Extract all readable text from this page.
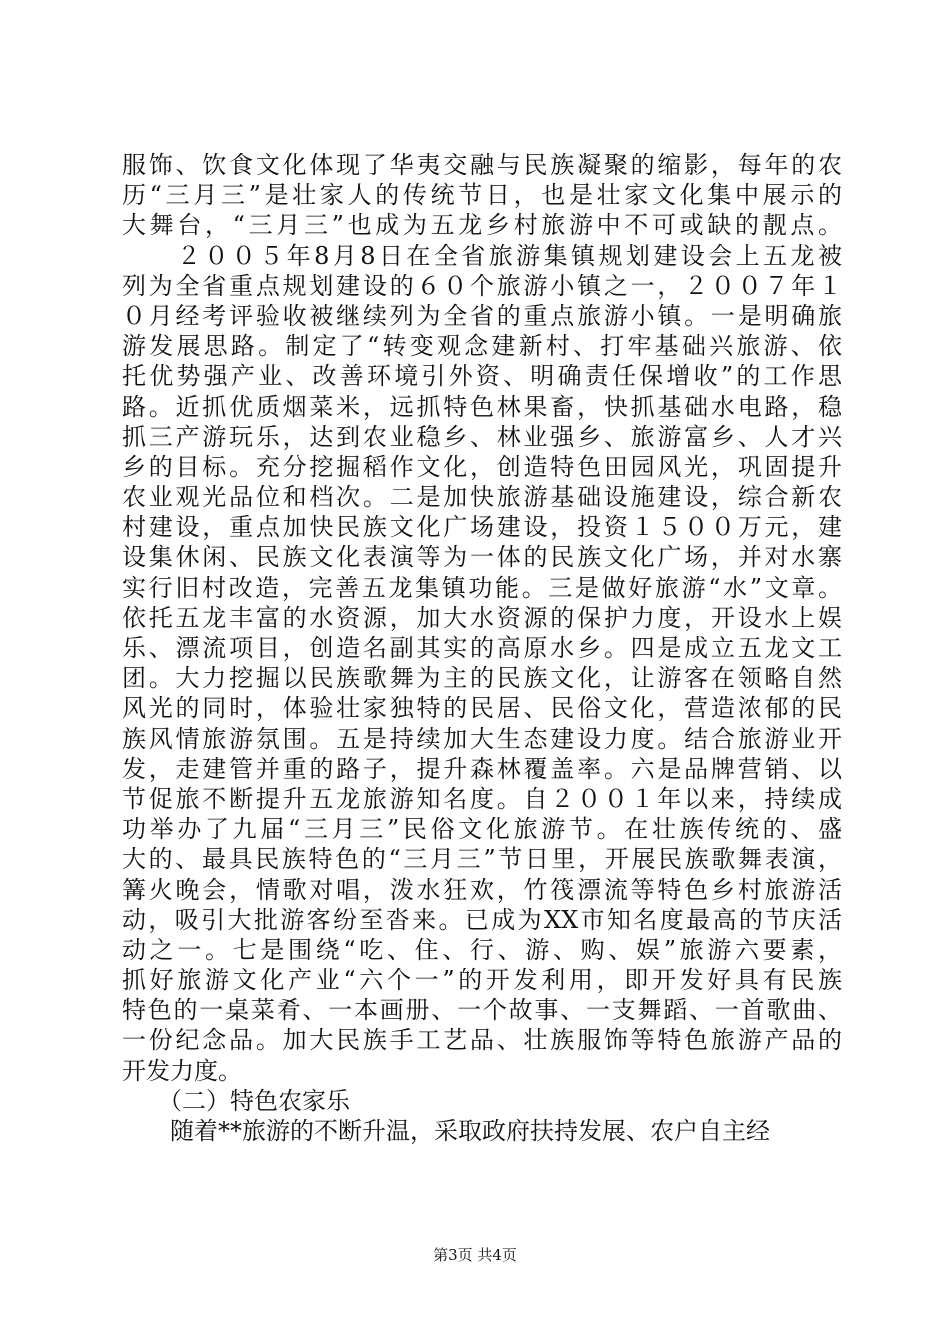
服饰、饮食文化体现了华夷交融与民族凝聚的缩影，每年的农
历“三月三”是壮家人的传统节日，也是壮家文化集中展示的
大舞台，“三月三”也成为五龙乡村旅游中不可或缺的靓点。
　　２００５年8月8日在全省旅游集镇规划建设会上五龙被
列为全省重点规划建设的６０个旅游小镇之一，２００７年１
０月经考评验收被继续列为全省的重点旅游小镇。一是明确旅
游发展思路。制定了“转变观念建新村、打牢基础兴旅游、依
托优势强产业、改善环境引外资、明确责任保增收”的工作思
路。近抓优质烟菜米，远抓特色林果畜，快抓基础水电路，稳
抓三产游玩乐，达到农业稳乡、林业强乡、旅游富乡、人才兴
乡的目标。充分挖掘稻作文化，创造特色田园风光，巩固提升
农业观光品位和档次。二是加快旅游基础设施建设，综合新农
村建设，重点加快民族文化广场建设，投资１５００万元，建
设集休闲、民族文化表演等为一体的民族文化广场，并对水寨
实行旧村改造，完善五龙集镇功能。三是做好旅游“水”文章。
依托五龙丰富的水资源，加大水资源的保护力度，开设水上娱
乐、漂流项目，创造名副其实的高原水乡。四是成立五龙文工
团。大力挖掘以民族歌舞为主的民族文化，让游客在领略自然
风光的同时，体验壮家独特的民居、民俗文化，营造浓郁的民
族风情旅游氛围。五是持续加大生态建设力度。结合旅游业开
发，走建管并重的路子，提升森林覆盖率。六是品牌营销、以
节促旅不断提升五龙旅游知名度。自２００１年以来，持续成
功举办了九届“三月三”民俗文化旅游节。在壮族传统的、盛
大的、最具民族特色的“三月三”节日里，开展民族歌舞表演，
篝火晚会，情歌对唱，泼水狂欢，竹筏漂流等特色乡村旅游活
动，吸引大批游客纷至沓来。已成为XX市知名度最高的节庆活
动之一。七是围绕“吃、住、行、游、购、娱”旅游六要素，
抓好旅游文化产业“六个一”的开发利用，即开发好具有民族
特色的一桌菜肴、一本画册、一个故事、一支舞蹈、一首歌曲、
一份纪念品。加大民族手工艺品、壮族服饰等特色旅游产品的
开发力度。
　　（二）特色农家乐
　　随着**旅游的不断升温，采取政府扶持发展、农户自主经
第3页 共4页
